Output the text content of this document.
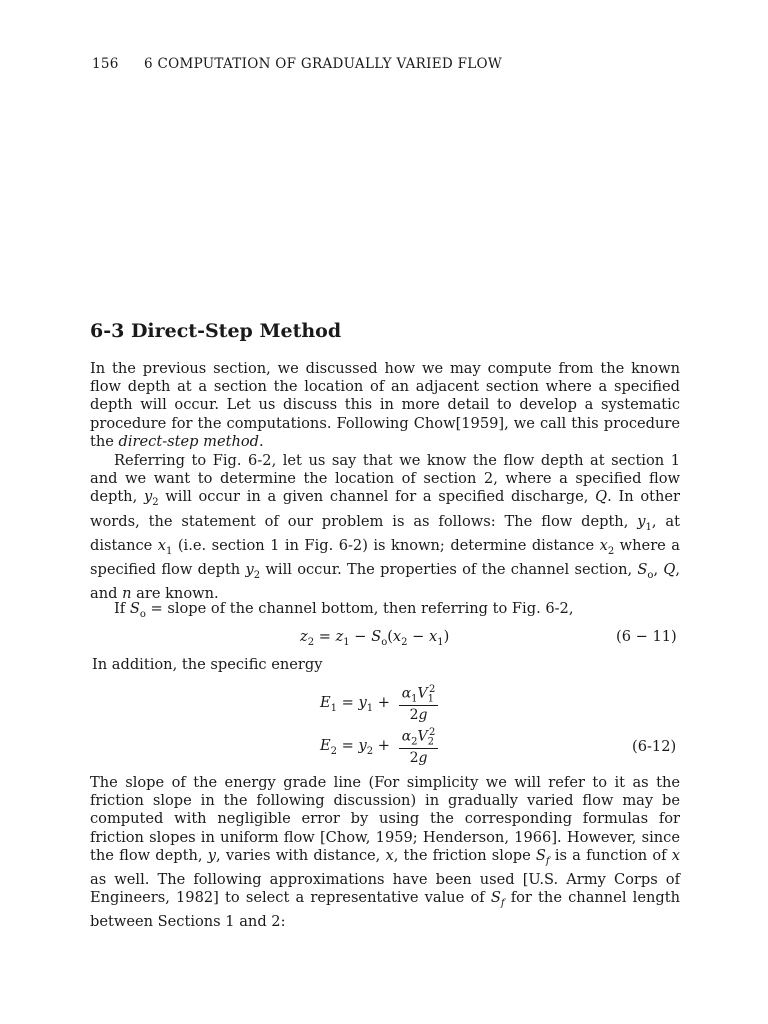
156 6 COMPUTATION OF GRADUALLY VARIED FLOW
6-3 Direct-Step Method
In the previous section, we discussed how we may compute from the known flow depth at a section the location of an adjacent section where a specified depth will occur. Let us discuss this in more detail to develop a systematic procedure for the computations. Following Chow[1959], we call this procedure the direct-step method.
Referring to Fig. 6-2, let us say that we know the flow depth at section 1 and we want to determine the location of section 2, where a specified flow depth, $y_2$ will occur in a given channel for a specified discharge, Q. In other words, the statement of our problem is as follows: The flow depth, $y_1$, at distance $x_1$ (i.e. section 1 in Fig. 6-2) is known; determine distance $x_2$ where a specified flow depth $y_2$ will occur. The properties of the channel section, $S_o$, Q, and n are known.
If $S_o$ = slope of the channel bottom, then referring to Fig. 6-2,
$z_2 = z_1 - S_o(x_2 - x_1)$	(6 − 11)
In addition, the specific energy
$E_1 = y_1 + \frac{\alpha_1V_1^2}{2g}$
$E_2 = y_2 + \frac{\alpha_2V_2^2}{2g}$	(6-12)
The slope of the energy grade line (For simplicity we will refer to it as the friction slope in the following discussion) in gradually varied flow may be computed with negligible error by using the corresponding formulas for friction slopes in uniform flow [Chow, 1959; Henderson, 1966]. However, since the flow depth, y, varies with distance, x, the friction slope $S_f$ is a function of x as well. The following approximations have been used [U.S. Army Corps of Engineers, 1982] to select a representative value of $S_f$ for the channel length between Sections 1 and 2:
